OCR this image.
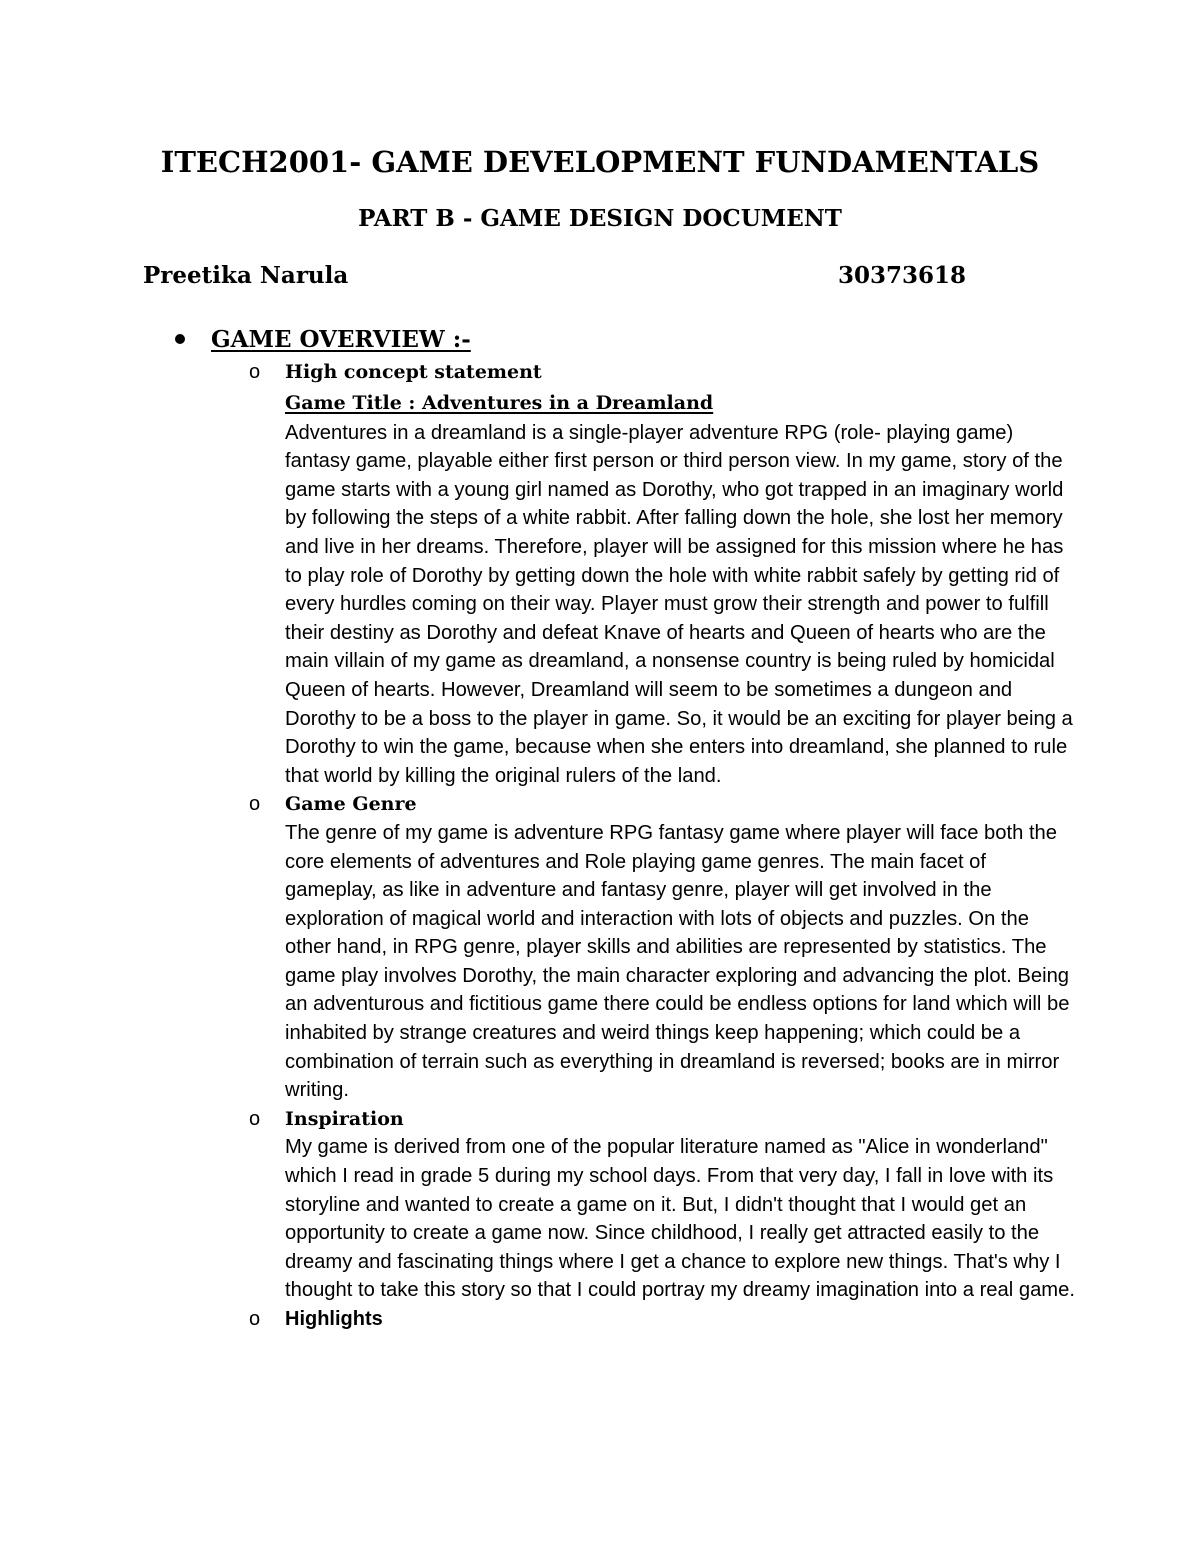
ITECH2001- GAME DEVELOPMENT FUNDAMENTALS
PART B - GAME DESIGN DOCUMENT
Preetika Narula	30373618
GAME OVERVIEW :-
o High concept statement
Game Title : Adventures in a Dreamland

Adventures in a dreamland is a single-player adventure RPG (role- playing game) fantasy game, playable either first person or third person view. In my game, story of the game starts with a young girl named as Dorothy, who got trapped in an imaginary world by following the steps of a white rabbit. After falling down the hole, she lost her memory and live in her dreams. Therefore, player will be assigned for this mission where he has to play role of Dorothy by getting down the hole with white rabbit safely by getting rid of every hurdles coming on their way. Player must grow their strength and power to fulfill their destiny as Dorothy and defeat Knave of hearts and Queen of hearts who are the main villain of my game as dreamland, a nonsense country is being ruled by homicidal Queen of hearts. However, Dreamland will seem to be sometimes a dungeon and Dorothy to be a boss to the player in game. So, it would be an exciting for player being a Dorothy to win the game, because when she enters into dreamland, she planned to rule that world by killing the original rulers of the land.

o Game Genre

The genre of my game is adventure RPG fantasy game where player will face both the core elements of adventures and Role playing game genres. The main facet of gameplay, as like in adventure and fantasy genre, player will get involved in the exploration of magical world and interaction with lots of objects and puzzles. On the other hand, in RPG genre, player skills and abilities are represented by statistics. The game play involves Dorothy, the main character exploring and advancing the plot. Being an adventurous and fictitious game there could be endless options for land which will be inhabited by strange creatures and weird things keep happening; which could be a combination of terrain such as everything in dreamland is reversed; books are in mirror writing.

o Inspiration

My game is derived from one of the popular literature named as "Alice in wonderland" which I read in grade 5 during my school days. From that very day, I fall in love with its storyline and wanted to create a game on it. But, I didn't thought that I would get an opportunity to create a game now. Since childhood, I really get attracted easily to the dreamy and fascinating things where I get a chance to explore new things. That's why I thought to take this story so that I could portray my dreamy imagination into a real game.

o Highlights
